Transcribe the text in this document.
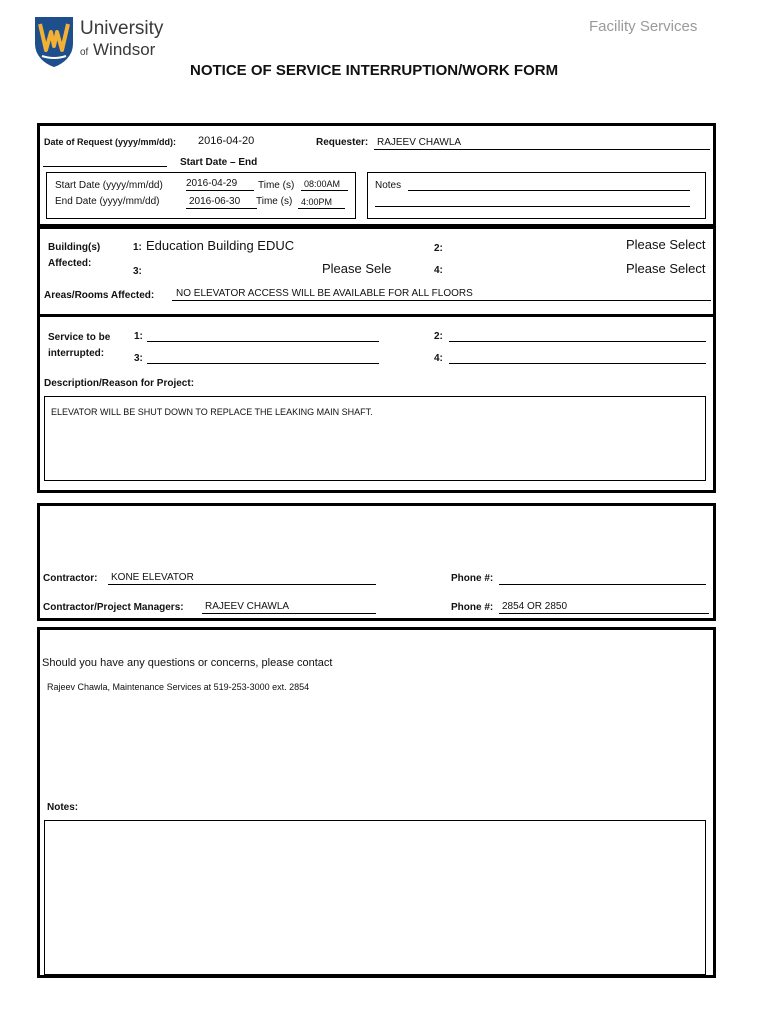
University
of Windsor
Facility Services
NOTICE OF SERVICE INTERRUPTION/WORK FORM
Date of Request (yyyy/mm/dd): 2016-04-20	Requester: RAJEEV CHAWLA
Start Date – End
Start Date (yyyy/mm/dd) 2016-04-29	Time (s)	08:00AM
End Date (yyyy/mm/dd)	2016-06-30	Time (s) 4:00PM
Notes
Building(s)
Affected:
1: Education Building EDUC	2:	Please Select
3:	Please Sele	4:	Please Select
Areas/Rooms Affected:	NO ELEVATOR ACCESS WILL BE AVAILABLE FOR ALL FLOORS
Service to be
interrupted:
1:	2:
3:	4:
Description/Reason for Project:
ELEVATOR WILL BE SHUT DOWN TO REPLACE THE LEAKING MAIN SHAFT.
Contractor:	KONE ELEVATOR	Phone #:
Contractor/Project Managers:	RAJEEV CHAWLA	Phone #: 2854 OR 2850
Should you have any questions or concerns, please contact
Rajeev Chawla, Maintenance Services at 519-253-3000 ext. 2854
Notes:
